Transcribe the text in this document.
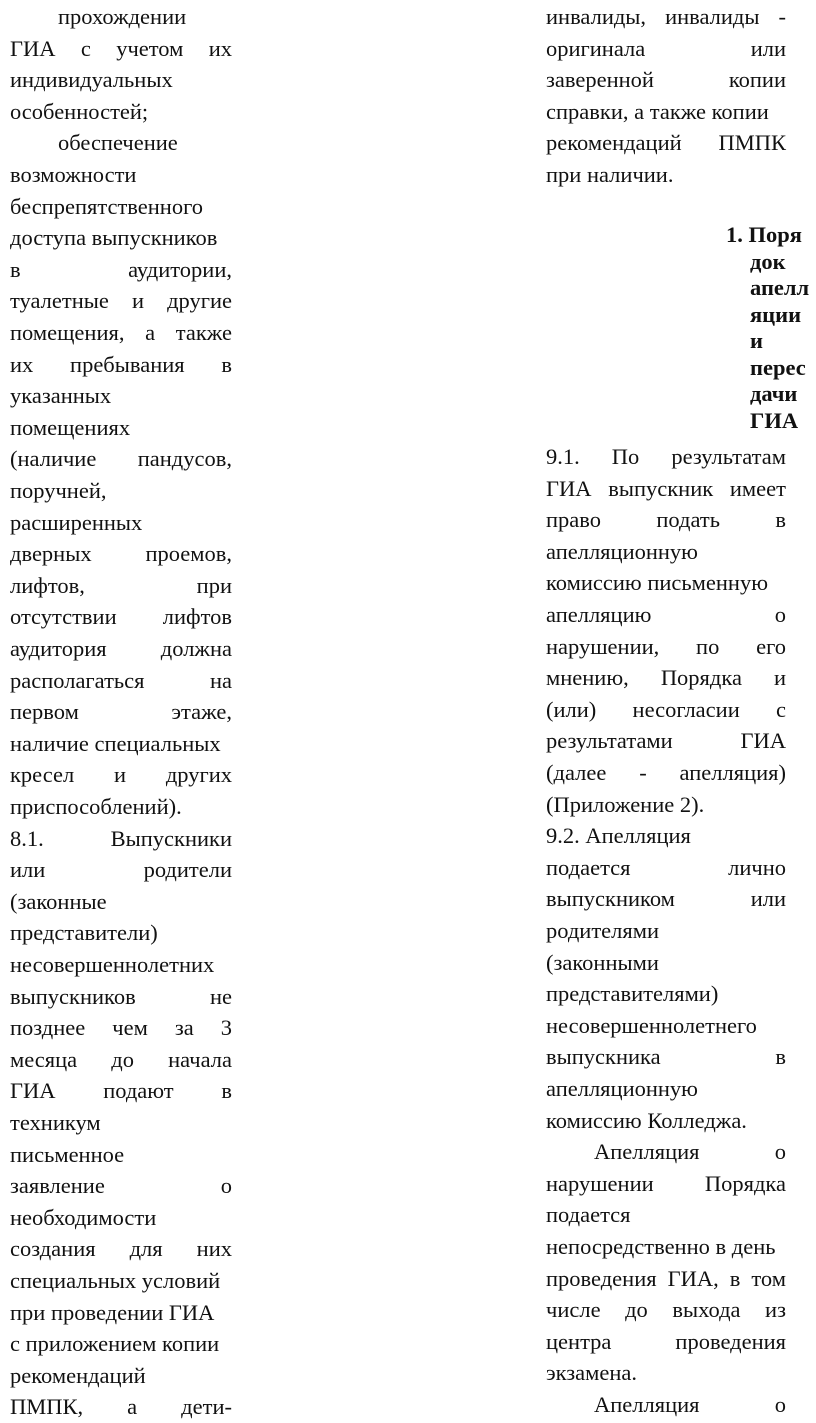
прохождении
ГИА с учетом их
индивидуальных
особенностей;
обеспечение
возможности
беспрепятственного
доступа выпускников
в	аудитории,
туалетные и другие
помещения, а также
их пребывания в
указанных
помещениях
(наличие пандусов,
поручней,
расширенных
дверных проемов,
лифтов,	при
отсутствии лифтов
аудитория должна
располагаться	на
первом	этаже,
наличие специальных
кресел и других
приспособлений).
8.1.	Выпускники
или	родители
(законные
представители)
несовершеннолетних
выпускников	не
позднее чем за 3
месяца до начала
ГИА подают в
техникум
письменное
заявление	о
необходимости
создания для них
специальных условий
при проведении ГИА
с приложением копии
рекомендаций
ПМПК, а дети-
инвалиды, инвалиды -
оригинала	или
заверенной	копии
справки, а также копии
рекомендаций ПМПК
при наличии.
1. Поря
док
апелл
яции
и
перес
дачи
ГИА
9.1. По результатам
ГИА выпускник имеет
право подать в
апелляционную
комиссию письменную
апелляцию	о
нарушении, по его
мнению, Порядка и
(или) несогласии с
результатами	ГИА
(далее - апелляция)
(Приложение 2).
9.2. Апелляция
подается	лично
выпускником	или
родителями
(законными
представителями)
несовершеннолетнего
выпускника	в
апелляционную
комиссию Колледжа.
Апелляция	о
нарушении Порядка
подается
непосредственно в день
проведения ГИА, в том
числе до выхода из
центра	проведения
экзамена.
Апелляция	о
